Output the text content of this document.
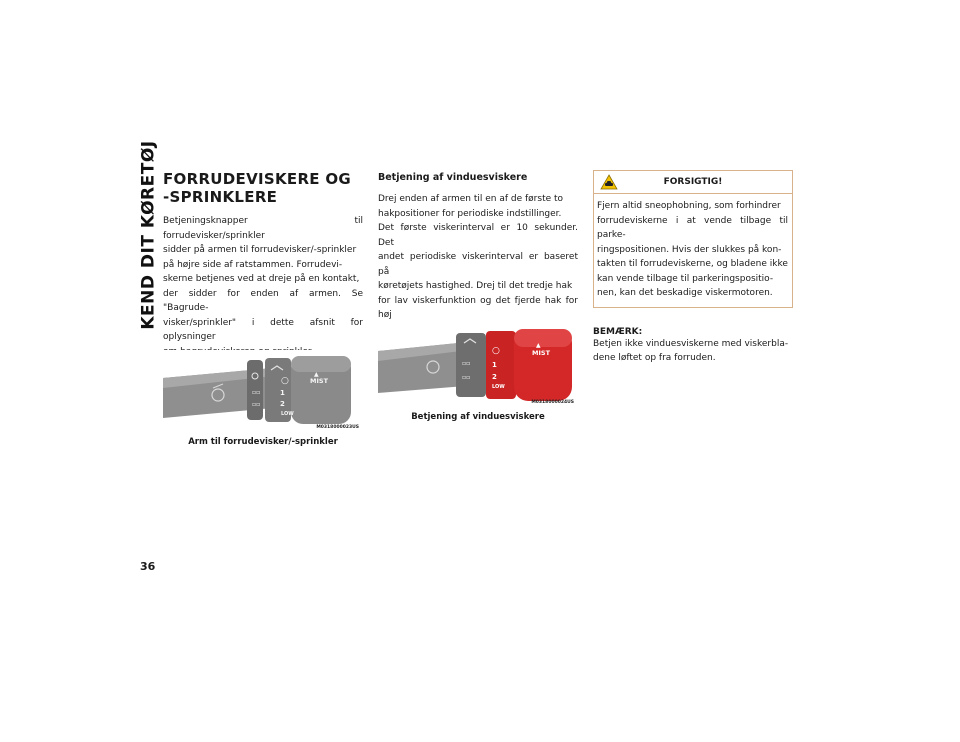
KEND DIT KØRETØJ FORRUDEVISKERE OG -SPRINKLERE

Betjeningsknapper til forrudevisker/sprinkler
sidder på armen til forrudevisker/-sprinkler
på højre side af ratstammen. Forrudevi-
skerne betjenes ved at dreje på en kontakt,
der sidder for enden af armen. Se "Bagrude-
visker/sprinkler" i dette afsnit for oplysninger

▫▫
▫▫
○
1
2
LOW
▲
MIST
M0318000023US
Arm til forrudevisker/-sprinkler
Betjening af vinduesviskere

Drej enden af armen til en af de første to
hakpositioner for periodiske indstillinger.
Det første viskerinterval er 10 sekunder. Det
andet periodiske viskerinterval er baseret på
køretøjets hastighed. Drej til det tredje hak
for lav viskerfunktion og det fjerde hak for høj

▫▫
▫▫
○
1
2
LOW
▲
MIST
M0318000024US
Betjening af vinduesviskere
FORSIGTIG!
Fjern altid sneophobning, som forhindrer
forrudeviskerne i at vende tilbage til parke-
ringspositionen. Hvis der slukkes på kon-
takten til forrudeviskerne, og bladene ikke
kan vende tilbage til parkeringspositio-
nen, kan det beskadige viskermotoren.
BEMÆRK:
Betjen ikke vinduesviskerne med viskerbla-
dene løftet op fra forruden.
36
